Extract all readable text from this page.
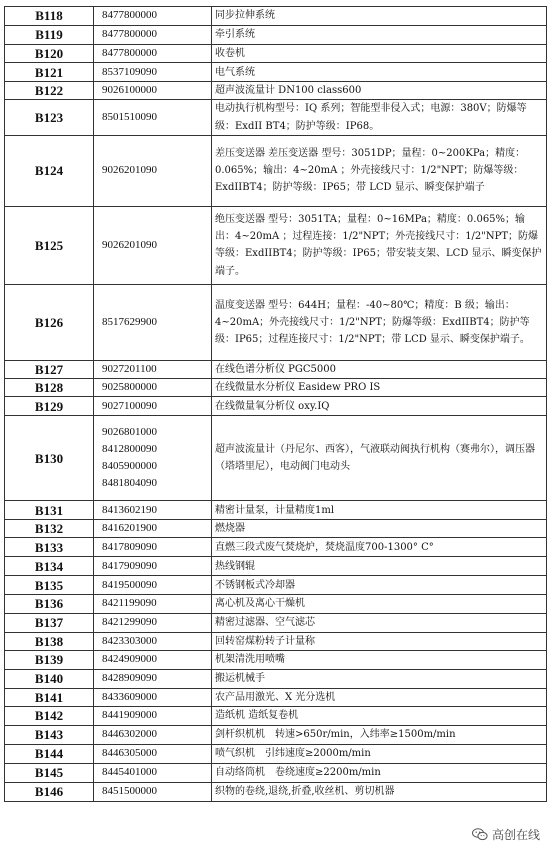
B118	8477800000	同步拉伸系统
B119	8477800000	牵引系统
B120	8477800000	收卷机
B121	8537109090	电气系统
B122	9026100000	超声波流量计 DN100 class600
B123	8501510090	电动执行机构型号：IQ 系列；智能型非侵入式；电源：380V；防爆等级：ExdII BT4；防护等级：IP68。
B124	9026201090	差压变送器 差压变送器 型号：3051DP；量程：0~200KPa；精度：0.065%；输出：4~20mA ；外壳接线尺寸：1/2"NPT；防爆等级：ExdIIBT4；防护等级：IP65；带 LCD 显示、瞬变保护端子
B125	9026201090	绝压变送器 型号：3051TA；量程：0~16MPa；精度：0.065%；输出：4~20mA ；过程连接：1/2"NPT；外壳接线尺寸：1/2"NPT；防爆等级：ExdIIBT4；防护等级：IP65；带安装支架、LCD 显示、瞬变保护端子。
B126	8517629900	温度变送器 型号：644H；量程：-40~80℃；精度：B 级；输出：4~20mA；外壳接线尺寸：1/2"NPT；防爆等级：ExdIIBT4；防护等级：IP65；过程连接尺寸：1/2"NPT；带 LCD 显示、瞬变保护端子。
B127	9027201100	在线色谱分析仪 PGC5000
B128	9025800000	在线微量水分析仪 Easidew PRO IS
B129	9027100090	在线微量氧分析仪 oxy.IQ
B130	9026801000
8412800090
8405900000
8481804090	超声波流量计（丹尼尔、西客），气液联动阀执行机构（赛弗尔），调压器（塔塔里尼），电动阀门电动头
B131	8413602190	精密计量泵，计量精度1ml
B132	8416201900	燃烧器
B133	8417809090	直燃三段式废气焚烧炉，焚烧温度700-1300° C°
B134	8417909090	热线钢辊
B135	8419500090	不锈钢板式冷却器
B136	8421199090	离心机及离心干燥机
B137	8421299090	精密过滤器、空气滤芯
B138	8423303000	回转窑煤粉转子计量称
B139	8424909000	机架清洗用喷嘴
B140	8428909090	搬运机械手
B141	8433609000	农产品用激光、X 光分选机
B142	8441909000	造纸机 造纸复卷机
B143	8446302000	剑杆织机机　转速>650r/min，入纬率≥1500m/min
B144	8446305000	喷气织机　引纬速度≥2000m/min
B145	8445401000	自动络筒机　卷绕速度≥2200m/min
B146	8451500000	织物的卷绕,退绕,折叠,收丝机、剪切机器
高创在线
